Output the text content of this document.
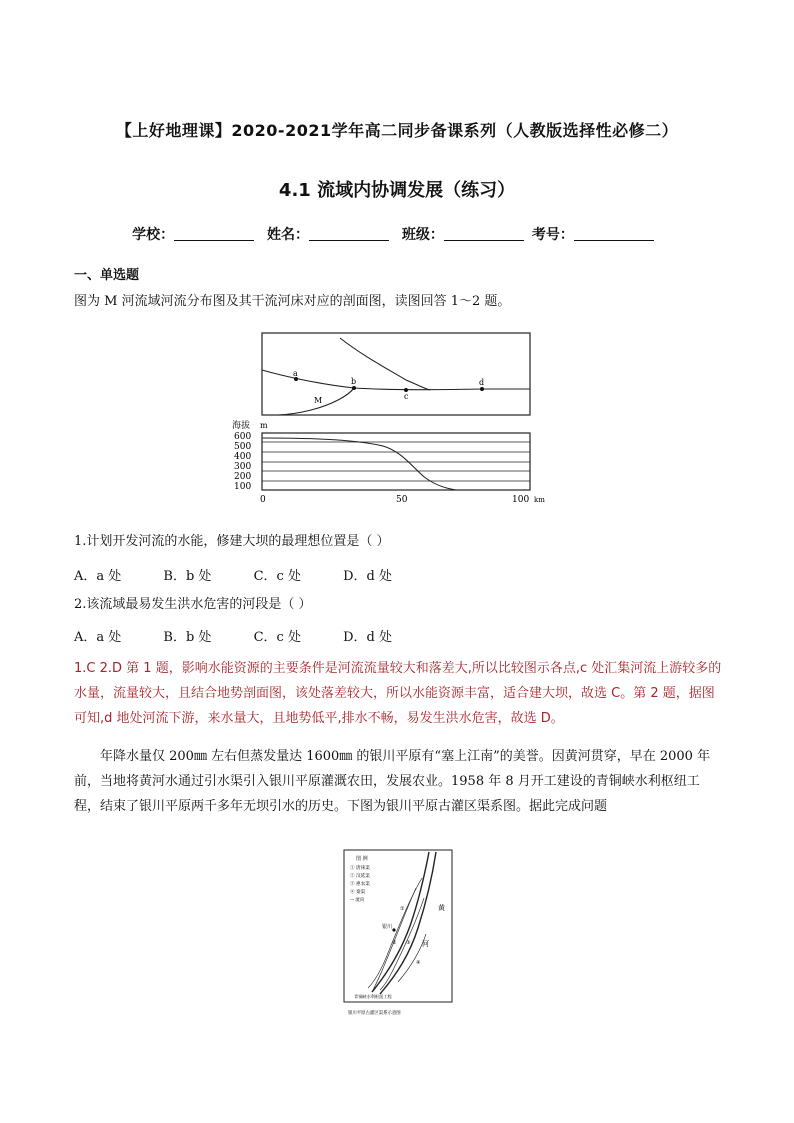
【上好地理课】2020-2021学年高二同步备课系列（人教版选择性必修二）
4.1 流域内协调发展（练习）
学校：	姓名：	班级：	考号：
一、单选题
图为 M 河流域河流分布图及其干流河床对应的剖面图，读图回答 1～2 题。
a
b
c
d
M
海拔 m
600
500
400
300
200
100
0	50	100 km
1.计划开发河流的水能，修建大坝的最理想位置是（ ）
A．a 处	B．b 处	C．c 处	D．d 处
2.该流域最易发生洪水危害的河段是（ ）
A．a 处	B．b 处	C．c 处	D．d 处
1.C 2.D 第 1 题，影响水能资源的主要条件是河流流量较大和落差大,所以比较图示各点,c 处汇集河流上游较多的水量，流量较大，且结合地势剖面图，该处落差较大，所以水能资源丰富，适合建大坝，故选 C。第 2 题，据图可知,d 地处河流下游，来水量大，且地势低平,排水不畅，易发生洪水危害，故选 D。
年降水量仅 200㎜ 左右但蒸发量达 1600㎜ 的银川平原有“塞上江南”的美誉。因黄河贯穿，早在 2000 年前，当地将黄河水通过引水渠引入银川平原灌溉农田，发展农业。1958 年 8 月开工建设的青铜峡水利枢纽工程，结束了银川平原两千多年无坝引水的历史。下图为银川平原古灌区渠系图。据此完成问题
图 例
① 唐徕渠
② 汉延渠
③ 惠农渠
④ 秦渠
→ 流向
①
② ③
④
黄
河
银川
青铜峡水利枢纽工程
银川平原古灌区渠系示意图
